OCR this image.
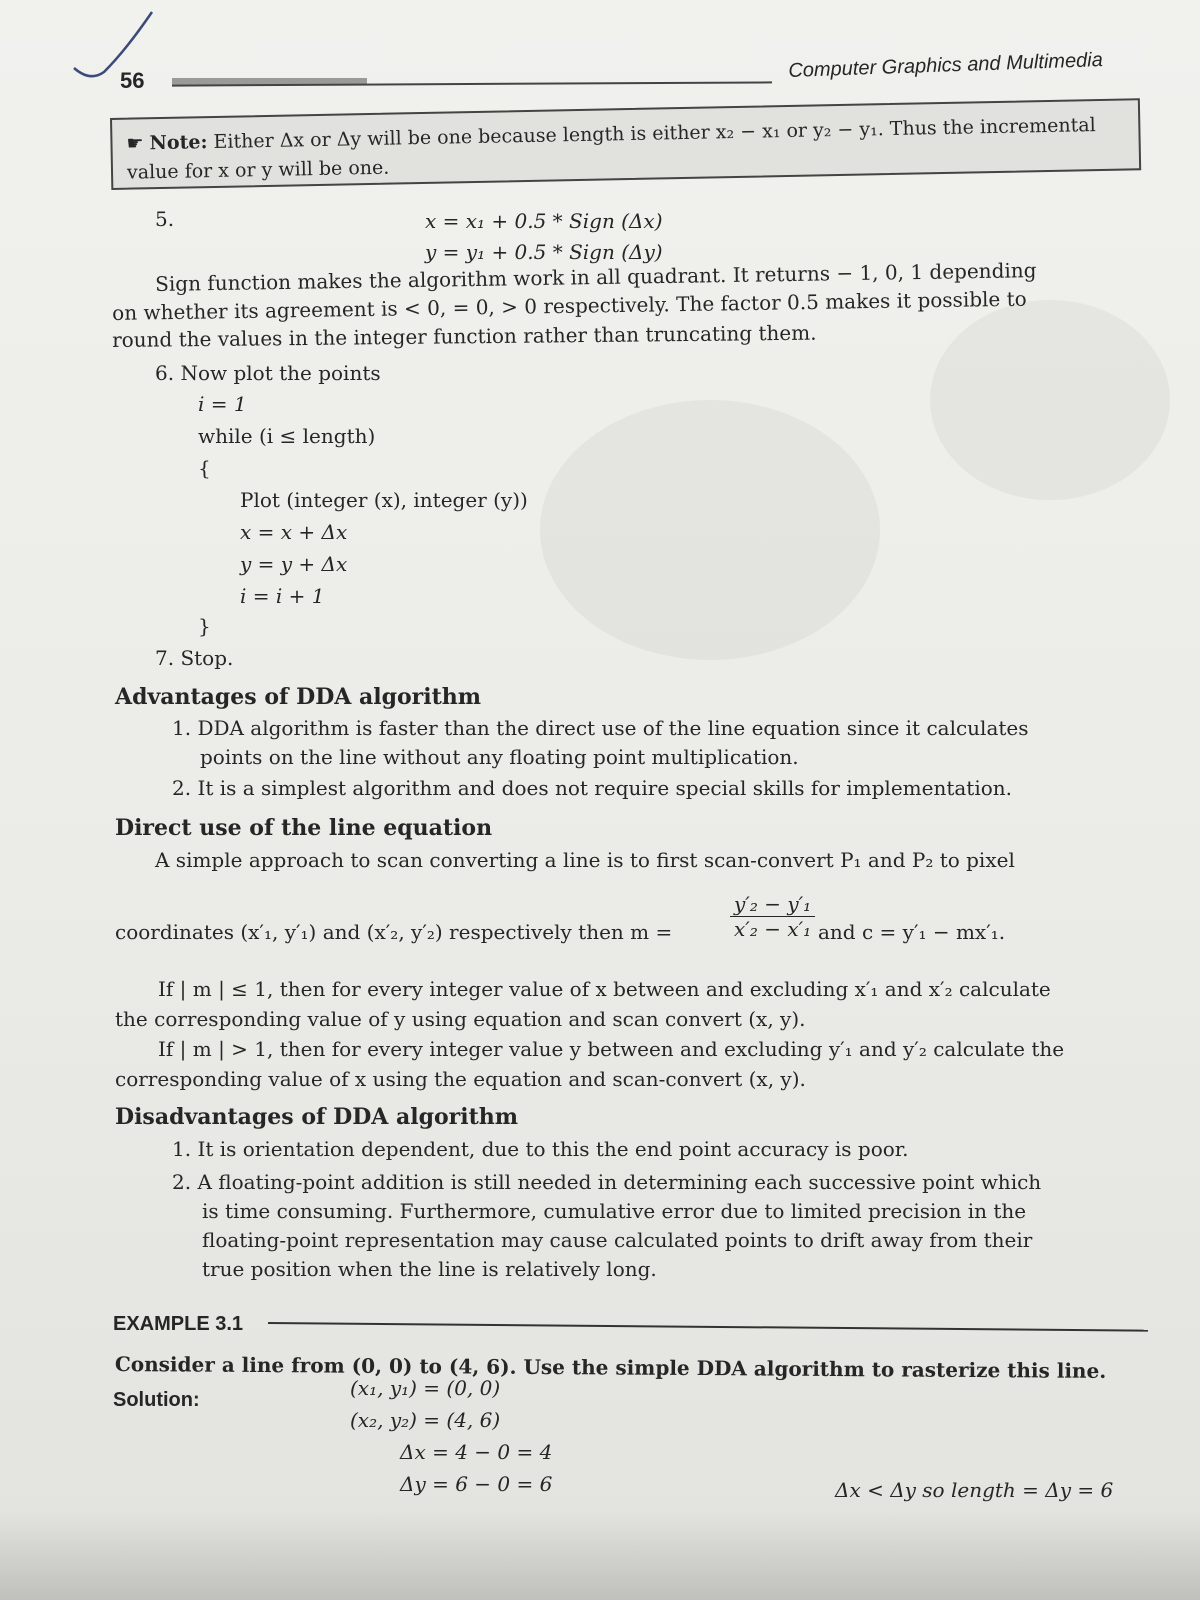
56	Computer Graphics and Multimedia
☛ Note: Either Δx or Δy will be one because length is either x₂ − x₁ or y₂ − y₁. Thus the incremental
value for x or y will be one.
5.	x = x₁ + 0.5 * Sign (Δx)
y = y₁ + 0.5 * Sign (Δy)
Sign function makes the algorithm work in all quadrant. It returns − 1, 0, 1 depending
on whether its agreement is < 0, = 0, > 0 respectively. The factor 0.5 makes it possible to
round the values in the integer function rather than truncating them.
6. Now plot the points
i = 1
while (i ≤ length)
{
Plot (integer (x), integer (y))
x = x + Δx
y = y + Δx
i = i + 1
}
7. Stop.
Advantages of DDA algorithm
1. DDA algorithm is faster than the direct use of the line equation since it calculates
points on the line without any floating point multiplication.
2. It is a simplest algorithm and does not require special skills for implementation.
Direct use of the line equation
A simple approach to scan converting a line is to first scan-convert P₁ and P₂ to pixel
coordinates (x′₁, y′₁) and (x′₂, y′₂) respectively then m =	$\frac{\text{y′₂ − y′₁}}{\text{x′₂ − x′₁}}$ and c = y′₁ − mx′₁.
If | m | ≤ 1, then for every integer value of x between and excluding x′₁ and x′₂ calculate
the corresponding value of y using equation and scan convert (x, y).
If | m | > 1, then for every integer value y between and excluding y′₁ and y′₂ calculate the
corresponding value of x using the equation and scan-convert (x, y).
Disadvantages of DDA algorithm
1. It is orientation dependent, due to this the end point accuracy is poor.
2. A floating-point addition is still needed in determining each successive point which
is time consuming. Furthermore, cumulative error due to limited precision in the
floating-point representation may cause calculated points to drift away from their
true position when the line is relatively long.
EXAMPLE 3.1
Consider a line from (0, 0) to (4, 6). Use the simple DDA algorithm to rasterize this line.
Solution:	(x₁, y₁) = (0, 0)
(x₂, y₂) = (4, 6)
Δx = 4 − 0 = 4
Δy = 6 − 0 = 6	Δx < Δy so length = Δy = 6
